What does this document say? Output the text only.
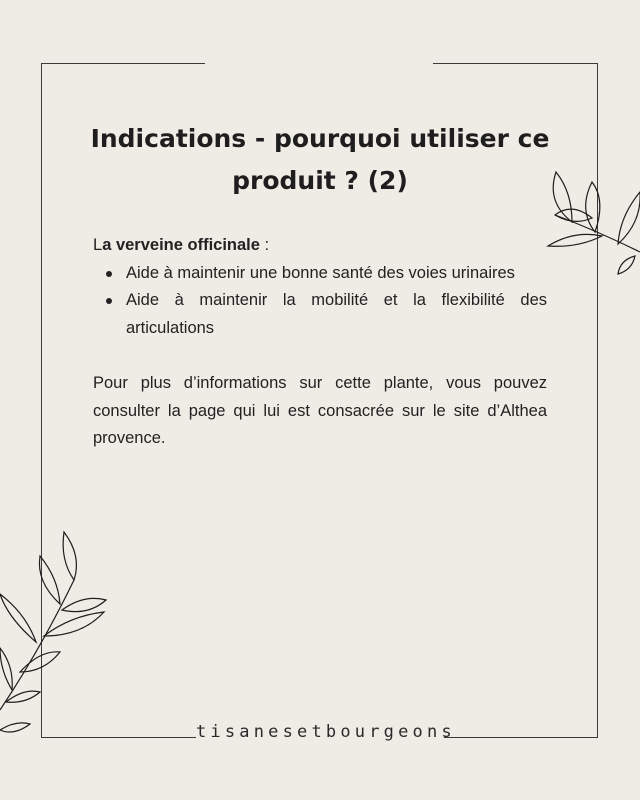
Indications - pourquoi utiliser ce
produit ? (2)

La verveine officinale :

Aide à maintenir une bonne santé des voies urinaires
Aide à maintenir la mobilité et la flexibilité des articulations

Pour plus d’informations sur cette plante, vous pouvez consulter la page qui lui est consacrée sur le site d’Althea provence.

tisanesetbourgeons
